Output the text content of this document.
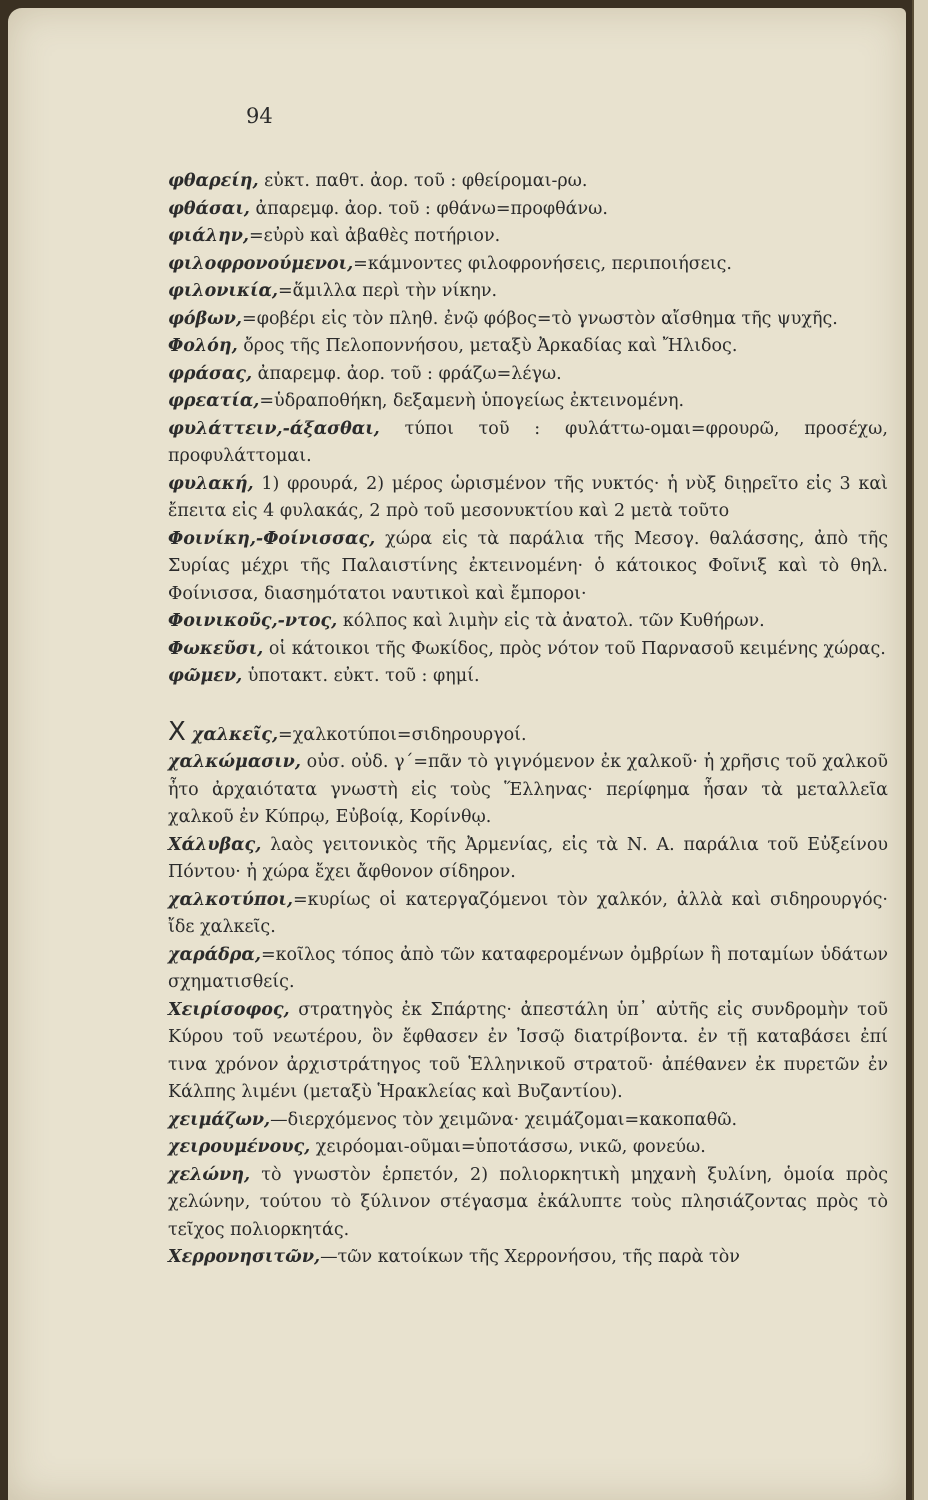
94

φθαρείη, εὐκτ. παθτ. ἀορ. τοῦ : φθείρομαι-ρω.

φθάσαι, ἀπαρεμφ. ἀορ. τοῦ : φθάνω=προφθάνω.

φιάλην,=εὐρὺ καὶ ἀβαθὲς ποτήριον.

φιλοφρονούμενοι,=κάμνοντες φιλοφρονήσεις, περιποιήσεις.

φιλονικία,=ἅμιλλα περὶ τὴν νίκην.

φόβων,=φοβέρι εἰς τὸν πληθ. ἐνῷ φόβος=τὸ γνωστὸν αἴσθημα τῆς ψυχῆς.

Φολόη, ὄρος τῆς Πελοποννήσου, μεταξὺ Ἀρκαδίας καὶ Ἤλιδος.

φράσας, ἀπαρεμφ. ἀορ. τοῦ : φράζω=λέγω.

φρεατία,=ὑδραποθήκη, δεξαμενὴ ὑπογείως ἐκτεινομένη.

φυλάττειν,-άξασθαι, τύποι τοῦ : φυλάττω-ομαι=φρουρῶ, προσέχω, προφυλάττομαι.

φυλακή, 1) φρουρά, 2) μέρος ὡρισμένον τῆς νυκτός· ἡ νὺξ διῃρεῖτο εἰς 3 καὶ ἔπειτα εἰς 4 φυλακάς, 2 πρὸ τοῦ μεσονυκτίου καὶ 2 μετὰ τοῦτο

Φοινίκη,-Φοίνισσας, χώρα εἰς τὰ παράλια τῆς Μεσογ. θαλάσσης, ἀπὸ τῆς Συρίας μέχρι τῆς Παλαιστίνης ἐκτεινομένη· ὁ κάτοικος Φοῖνιξ καὶ τὸ θηλ. Φοίνισσα, διασημότατοι ναυτικοὶ καὶ ἔμποροι·

Φοινικοῦς,-ντος, κόλπος καὶ λιμὴν εἰς τὰ ἀνατολ. τῶν Κυθήρων.

Φωκεῦσι, οἱ κάτοικοι τῆς Φωκίδος, πρὸς νότον τοῦ Παρνασοῦ κειμένης χώρας.

φῶμεν, ὑποτακτ. εὐκτ. τοῦ : φημί.

X χαλκεῖς,=χαλκοτύποι=σιδηρουργοί.

χαλκώμασιν, οὐσ. οὐδ. γ΄=πᾶν τὸ γιγνόμενον ἐκ χαλκοῦ· ἡ χρῆσις τοῦ χαλκοῦ ἦτο ἀρχαιότατα γνωστὴ εἰς τοὺς Ἕλληνας· περίφημα ἦσαν τὰ μεταλλεῖα χαλκοῦ ἐν Κύπρῳ, Εὐβοίᾳ, Κορίνθῳ.

Χάλυβας, λαὸς γειτονικὸς τῆς Ἀρμενίας, εἰς τὰ Ν. Α. παράλια τοῦ Εὐξείνου Πόντου· ἡ χώρα ἔχει ἄφθονον σίδηρον.

χαλκοτύποι,=κυρίως οἱ κατεργαζόμενοι τὸν χαλκόν, ἀλλὰ καὶ σιδηρουργός· ἴδε χαλκεῖς.

χαράδρα,=κοῖλος τόπος ἀπὸ τῶν καταφερομένων ὀμβρίων ἢ ποταμίων ὑδάτων σχηματισθείς.

Χειρίσοφος, στρατηγὸς ἐκ Σπάρτης· ἀπεστάλη ὑπ᾽ αὐτῆς εἰς συνδρομὴν τοῦ Κύρου τοῦ νεωτέρου, ὃν ἔφθασεν ἐν Ἰσσῷ διατρίβοντα. ἐν τῇ καταβάσει ἐπί τινα χρόνον ἀρχιστράτηγος τοῦ Ἑλληνικοῦ στρατοῦ· ἀπέθανεν ἐκ πυρετῶν ἐν Κάλπης λιμένι (μεταξὺ Ἡρακλείας καὶ Βυζαντίου).

χειμάζων,—διερχόμενος τὸν χειμῶνα· χειμάζομαι=κακοπαθῶ.

χειρουμένους, χειρόομαι-οῦμαι=ὑποτάσσω, νικῶ, φονεύω.

χελώνη, τὸ γνωστὸν ἑρπετόν, 2) πολιορκητικὴ μηχανὴ ξυλίνη, ὁμοία πρὸς χελώνην, τούτου τὸ ξύλινον στέγασμα ἐκάλυπτε τοὺς πλησιάζοντας πρὸς τὸ τεῖχος πολιορκητάς.

Χερρονησιτῶν,—τῶν κατοίκων τῆς Χερρονήσου, τῆς παρὰ τὸν
